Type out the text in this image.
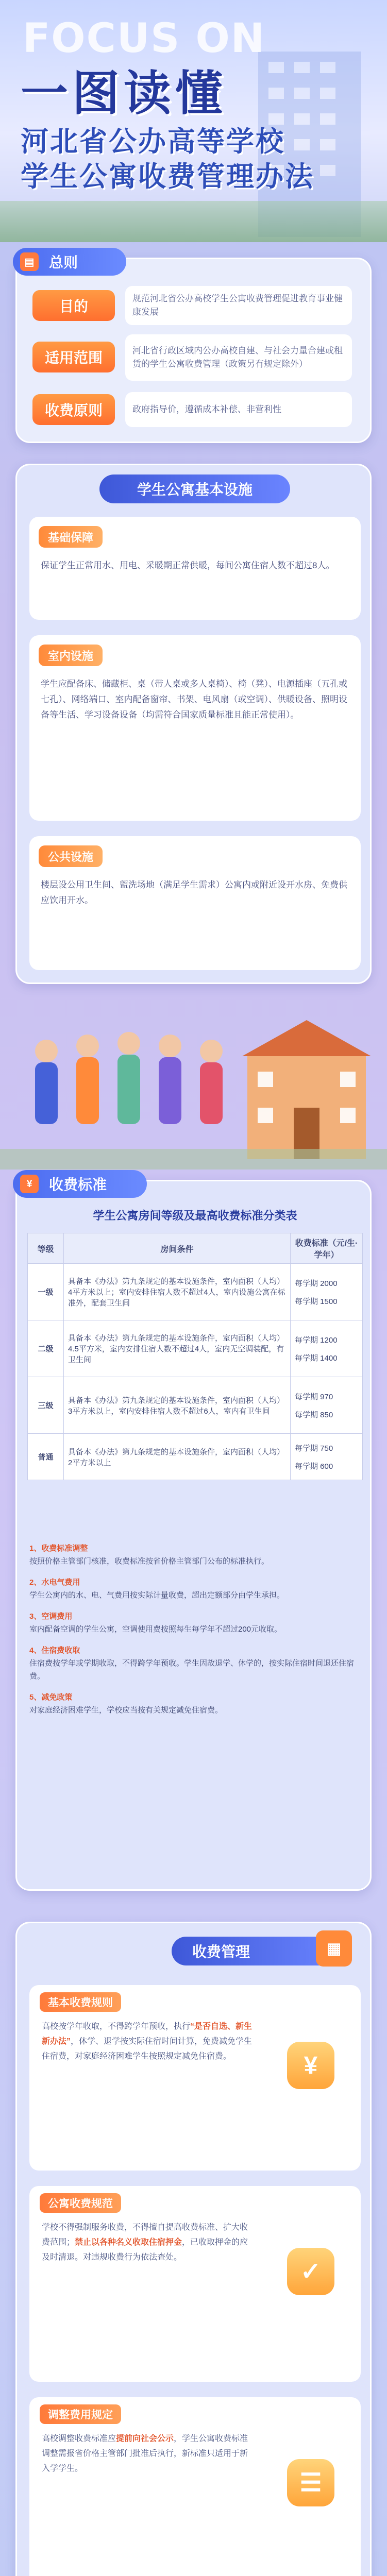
FOCUS ON
一图读懂
河北省公办高等学校
学生公寓收费管理办法
▤	总则
目的	规范河北省公办高校学生公寓收费管理促进教育事业健康发展
适用范围	河北省行政区域内公办高校自建、与社会力量合建或租赁的学生公寓收费管理（政策另有规定除外）
收费原则	政府指导价，遵循成本补偿、非营利性
学生公寓基本设施
基础保障
保证学生正常用水、用电、采暖期正常供暖，每间公寓住宿人数不超过8人。
室内设施
学生应配备床、储藏柜、桌（带人桌或多人桌椅）、椅（凳）、电源插座（五孔或七孔）、网络端口、室内配备窗帘、书架、电风扇（或空调）、供暖设备、照明设备等生活、学习设备设备（均需符合国家质量标准且能正常使用）。
公共设施
楼层设公用卫生间、盥洗场地（满足学生需求）公寓内或附近设开水房、免费供应饮用开水。
¥	收费标准
学生公寓房间等级及最高收费标准分类表
等级	房间条件	收费标准（元/生·学年）
一级	具备本《办法》第九条规定的基本设施条件，室内面积（人均）4平方米以上；室内安排住宿人数不超过4人，室内设施公寓在标准外，配套卫生间	每学期 2000
每学期 1500

二级	具备本《办法》第九条规定的基本设施条件，室内面积（人均）4.5平方米，室内安排住宿人数不超过4人，室内无空调装配，有卫生间	每学期 1200
每学期 1400

三级	具备本《办法》第九条规定的基本设施条件，室内面积（人均）3平方米以上，室内安排住宿人数不超过6人，室内有卫生间	每学期 970
每学期 850

普通	具备本《办法》第九条规定的基本设施条件，室内面积（人均）2平方米以上	每学期 750
每学期 600
1、收费标准调整
按照价格主管部门核准，收费标准按省价格主管部门公布的标准执行。
2、水电气费用
学生公寓内的水、电、气费用按实际计量收费，超出定额部分由学生承担。
3、空调费用
室内配备空调的学生公寓，空调使用费按照每生每学年不超过200元收取。
4、住宿费收取
住宿费按学年或学期收取，不得跨学年预收。学生因故退学、休学的，按实际住宿时间退还住宿费。
5、减免政策
对家庭经济困难学生，学校应当按有关规定减免住宿费。
收费管理	▦
基本收费规则
高校按学年收取，不得跨学年预收，执行“是否自选、新生新办法”，休学、退学按实际住宿时间计算，免费减免学生住宿费，对家庭经济困难学生按照规定减免住宿费。	¥
公寓收费规范
学校不得强制服务收费，不得擅自提高收费标准、扩大收费范围；禁止以各种名义收取住宿押金，已收取押金的应及时清退。对违规收费行为依法查处。
✓
调整费用规定
高校调整收费标准应提前向社会公示，学生公寓收费标准调整需报省价格主管部门批准后执行，新标准只适用于新入学学生。
☰
